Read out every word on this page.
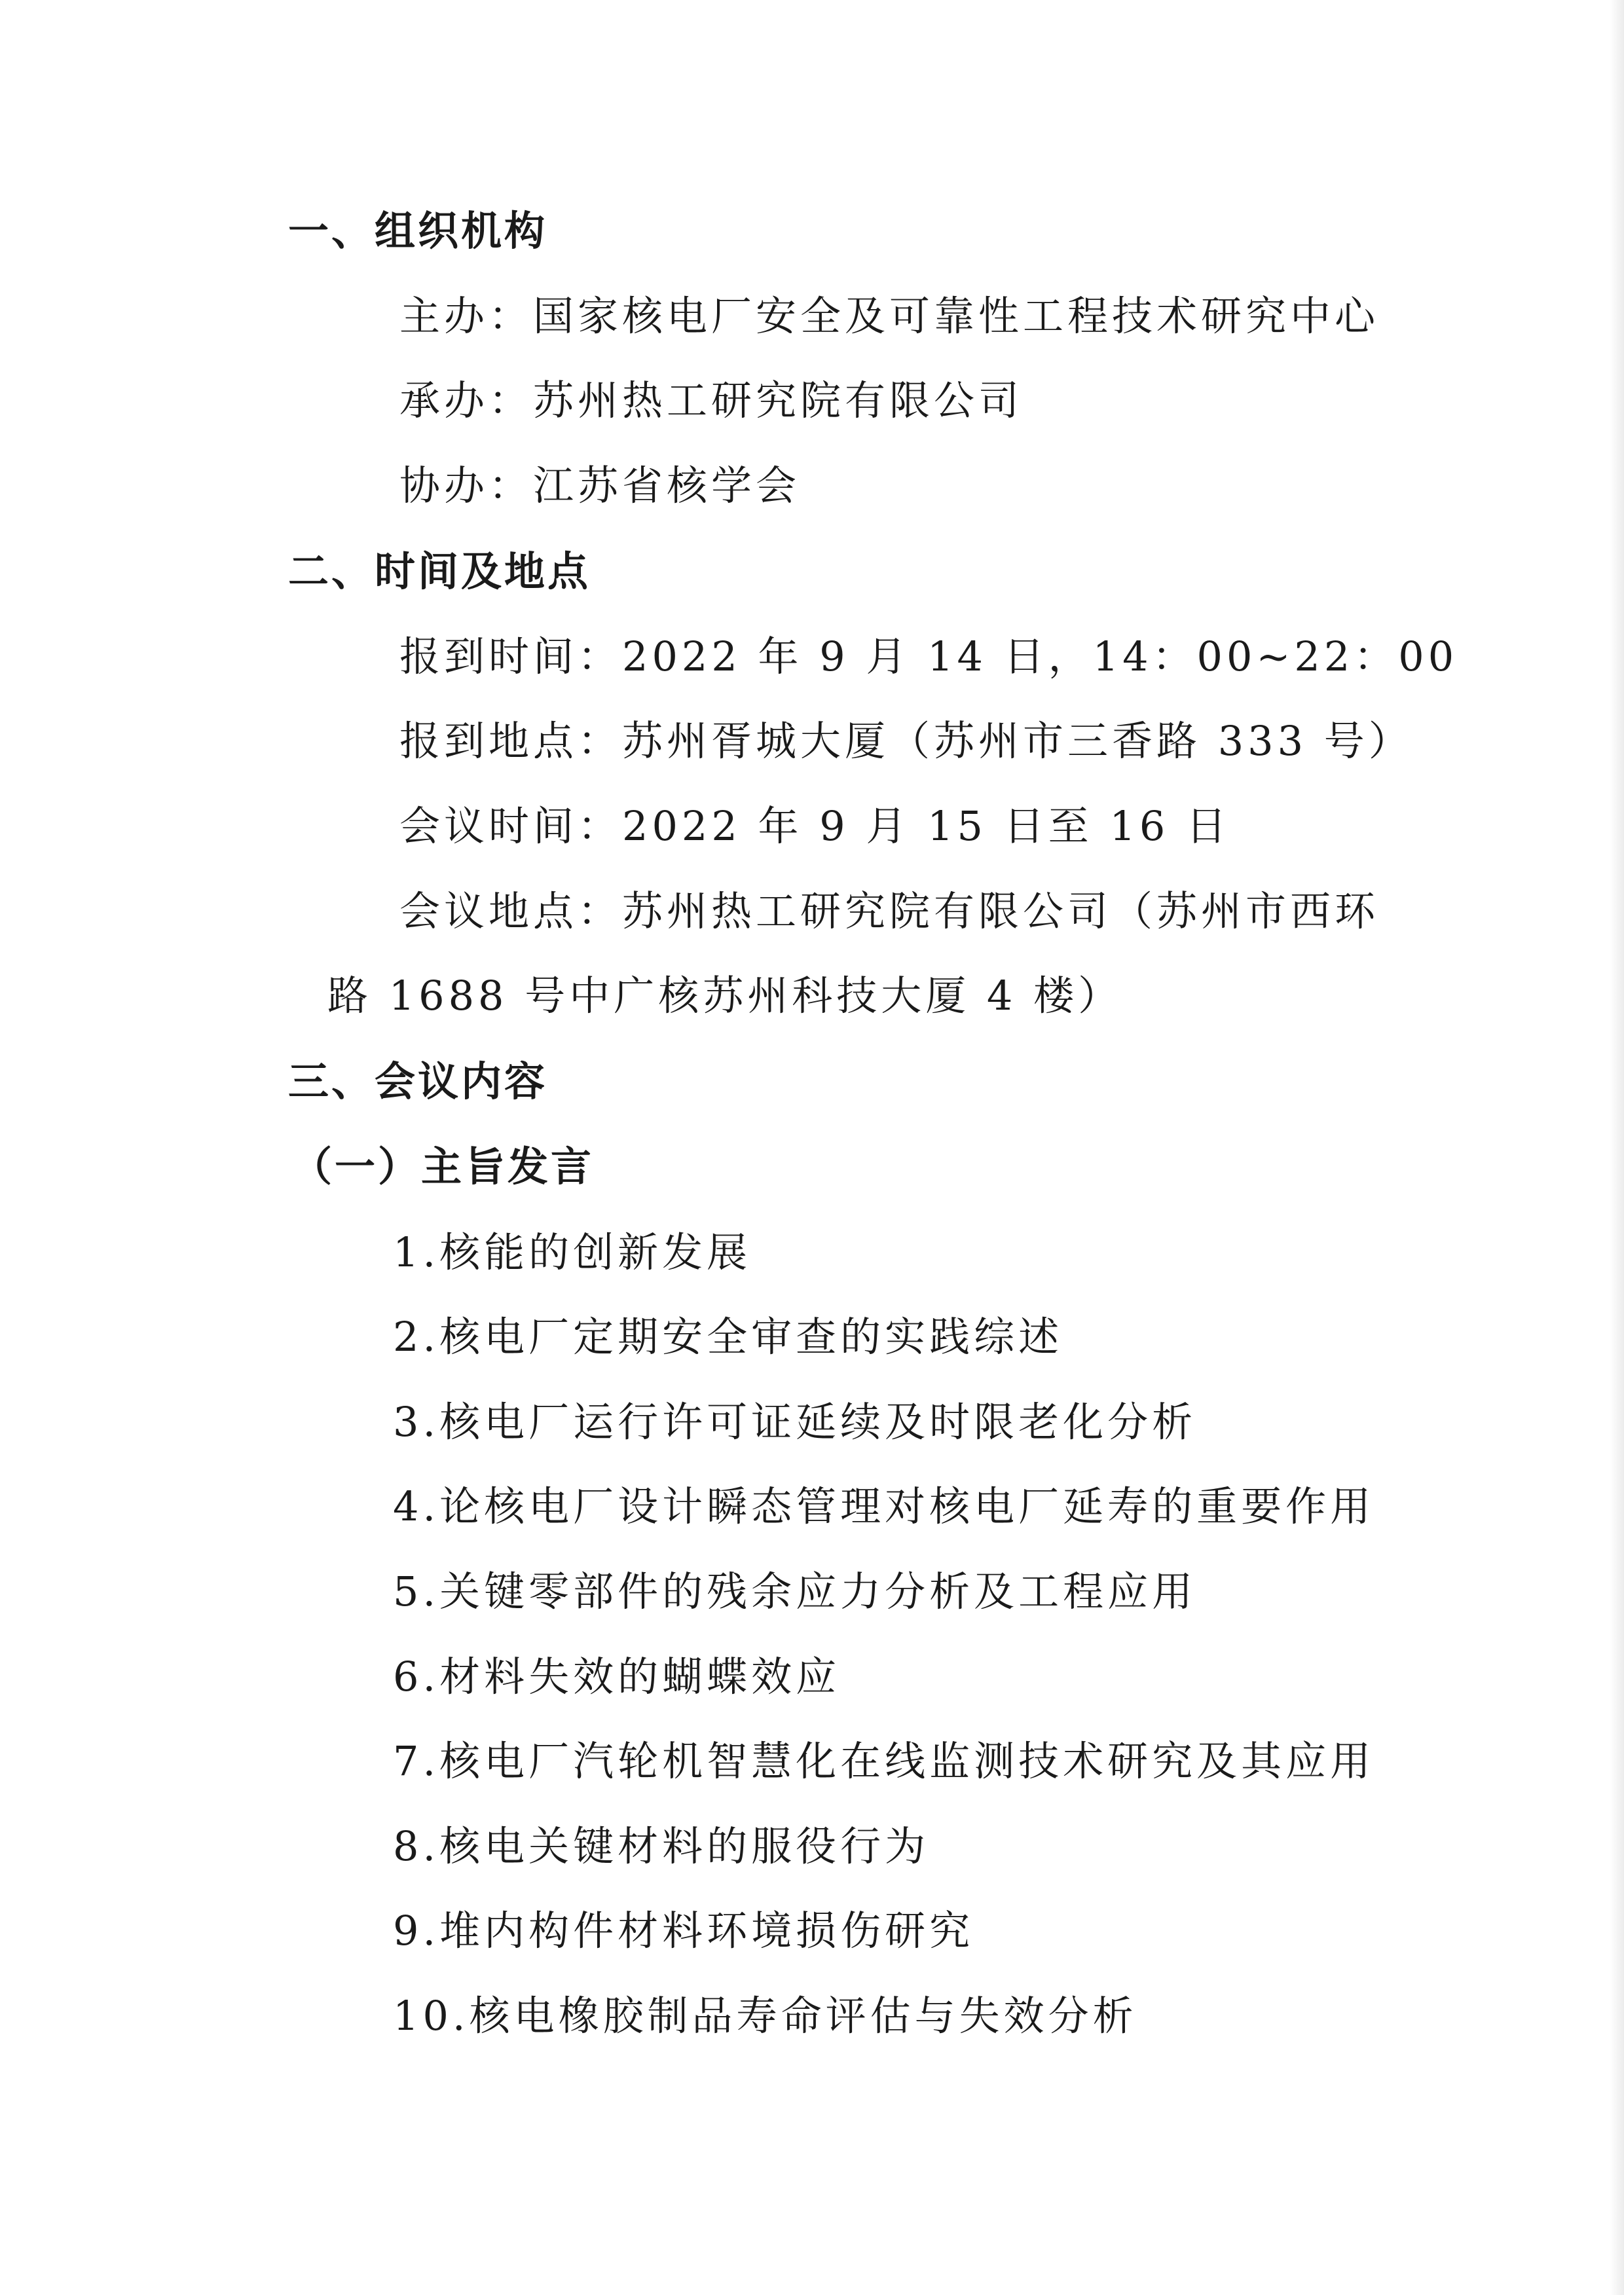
一、组织机构
主办：国家核电厂安全及可靠性工程技术研究中心
承办：苏州热工研究院有限公司
协办：江苏省核学会
二、时间及地点
报到时间：2022 年 9 月 14 日，14：00~22：00
报到地点：苏州胥城大厦（苏州市三香路 333 号）
会议时间：2022 年 9 月 15 日至 16 日
会议地点：苏州热工研究院有限公司（苏州市西环
路 1688 号中广核苏州科技大厦 4 楼）
三、会议内容
（一）主旨发言
1.核能的创新发展
2.核电厂定期安全审查的实践综述
3.核电厂运行许可证延续及时限老化分析
4.论核电厂设计瞬态管理对核电厂延寿的重要作用
5.关键零部件的残余应力分析及工程应用
6.材料失效的蝴蝶效应
7.核电厂汽轮机智慧化在线监测技术研究及其应用
8.核电关键材料的服役行为
9.堆内构件材料环境损伤研究
10.核电橡胶制品寿命评估与失效分析
